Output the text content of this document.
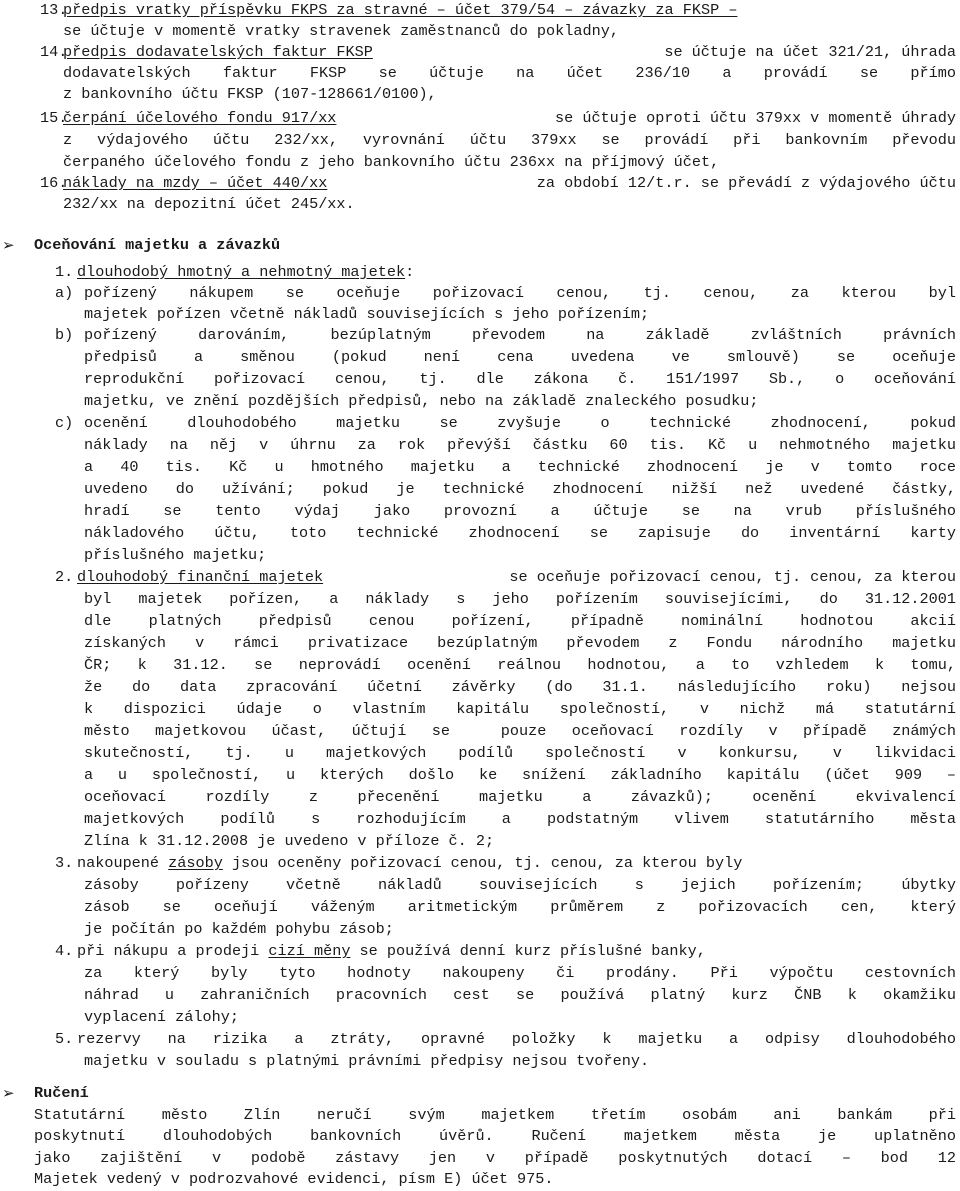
13.
předpis vratky příspěvku FKPS za stravné – účet 379/54 – závazky za FKSP –
se účtuje v momentě vratky stravenek zaměstnanců do pokladny,
14.
předpis dodavatelských faktur FKSP	se účtuje na účet 321/21, úhrada
dodavatelských faktur FKSP se účtuje na účet 236/10 a provádí se přímo
z bankovního účtu FKSP (107-128661/0100),
15.
čerpání účelového fondu 917/xx	se účtuje oproti účtu 379xx v momentě úhrady
z výdajového účtu 232/xx, vyrovnání účtu 379xx se provádí při bankovním převodu
čerpaného účelového fondu z jeho bankovního účtu 236xx na příjmový účet,
16.
náklady na mzdy – účet 440/xx	za období 12/t.r. se převádí z výdajového účtu
232/xx na depozitní účet 245/xx.
➢ Oceňování majetku a závazků
1. dlouhodobý hmotný a nehmotný majetek:
a) pořízený nákupem se oceňuje pořizovací cenou, tj. cenou, za kterou byl
majetek pořízen včetně nákladů souvisejících s jeho pořízením;
b) pořízený darováním, bezúplatným převodem na základě zvláštních právních
předpisů a směnou (pokud není cena uvedena ve smlouvě) se oceňuje
reprodukční pořizovací cenou, tj. dle zákona č. 151/1997 Sb., o oceňování
majetku, ve znění pozdějších předpisů, nebo na základě znaleckého posudku;
c) ocenění dlouhodobého majetku se zvyšuje o technické zhodnocení, pokud
náklady na něj v úhrnu za rok převýší částku 60 tis. Kč u nehmotného majetku
a 40 tis. Kč u hmotného majetku a technické zhodnocení je v tomto roce
uvedeno do užívání; pokud je technické zhodnocení nižší než uvedené částky,
hradí se tento výdaj jako provozní a účtuje se na vrub příslušného
nákladového účtu, toto technické zhodnocení se zapisuje do inventární karty
příslušného majetku;
2. dlouhodobý finanční majetek	se oceňuje pořizovací cenou, tj. cenou, za kterou
byl majetek pořízen, a náklady s jeho pořízením souvisejícími, do 31.12.2001
dle platných předpisů cenou pořízení, případně nominální hodnotou akcií
získaných v rámci privatizace bezúplatným převodem z Fondu národního majetku
ČR; k 31.12. se neprovádí ocenění reálnou hodnotou, a to vzhledem k tomu,
že do data zpracování účetní závěrky (do 31.1. následujícího roku) nejsou
k dispozici údaje o vlastním kapitálu společností, v nichž má statutární
město majetkovou účast, účtují se  pouze oceňovací rozdíly v případě známých
skutečností, tj. u majetkových podílů společností v konkursu, v likvidaci
a u společností, u kterých došlo ke snížení základního kapitálu (účet 909 –
oceňovací rozdíly z přecenění majetku a závazků); ocenění ekvivalencí
majetkových podílů s rozhodujícím a podstatným vlivem statutárního města
Zlína k 31.12.2008 je uvedeno v příloze č. 2;
3. nakoupené zásoby jsou oceněny pořizovací cenou, tj. cenou, za kterou byly
zásoby pořízeny včetně nákladů souvisejících s jejich pořízením; úbytky
zásob se oceňují váženým aritmetickým průměrem z pořizovacích cen, který
je počítán po každém pohybu zásob;
4. při nákupu a prodeji cizí měny se používá denní kurz příslušné banky,
za který byly tyto hodnoty nakoupeny či prodány. Při výpočtu cestovních
náhrad u zahraničních pracovních cest se používá platný kurz ČNB k okamžiku
vyplacení zálohy;
5. rezervy na rizika a ztráty, opravné položky k majetku a odpisy dlouhodobého
majetku v souladu s platnými právními předpisy nejsou tvořeny.
➢ Ručení
Statutární město Zlín neručí svým majetkem třetím osobám ani bankám při
poskytnutí dlouhodobých bankovních úvěrů. Ručení majetkem města je uplatněno
jako zajištění v podobě zástavy jen v případě poskytnutých dotací – bod 12
Majetek vedený v podrozvahové evidenci, písm E) účet 975.
